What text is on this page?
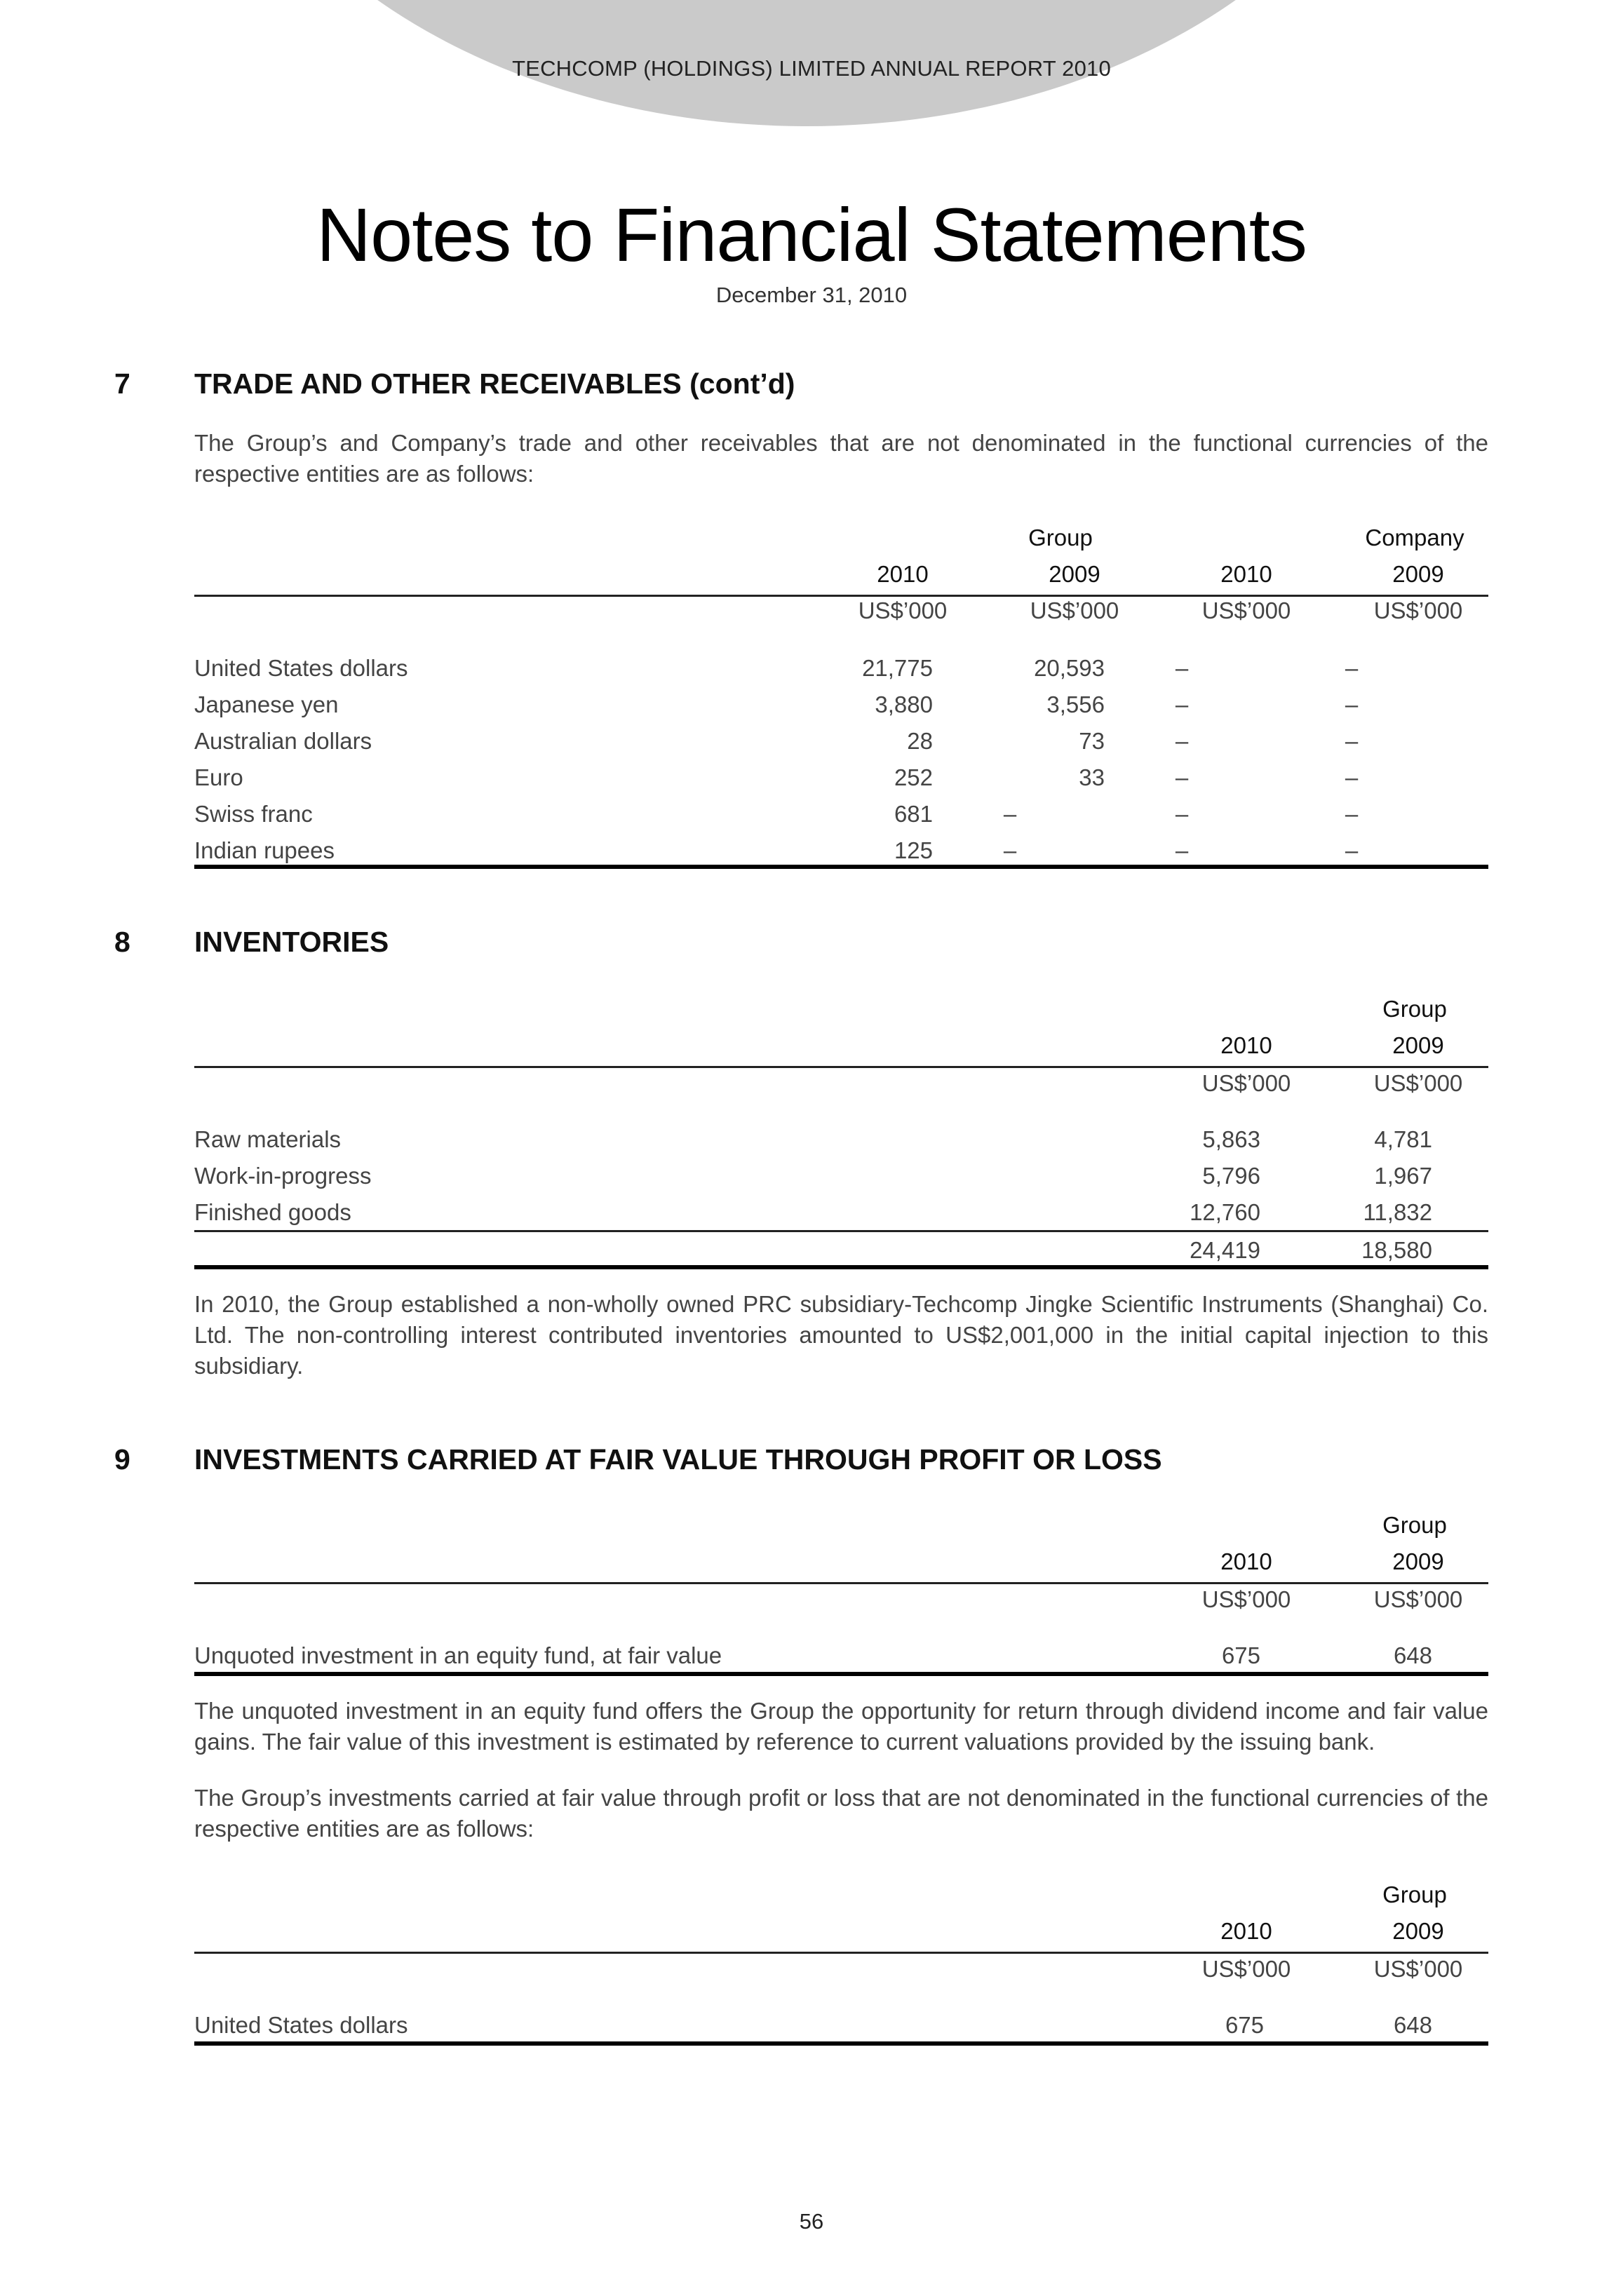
TECHCOMP (HOLDINGS) LIMITED ANNUAL REPORT 2010
Notes to Financial Statements
December 31, 2010
7 TRADE AND OTHER RECEIVABLES (cont’d)
The Group’s and Company’s trade and other receivables that are not denominated in the functional currencies of the respective entities are as follows:
Group	Company
2010	2009	2010	2009
US$’000	US$’000	US$’000	US$’000
United States dollars	21,775	20,593	–	–
Japanese yen	3,880	3,556	–	–
Australian dollars	28	73	–	–
Euro	252	33	–	–
Swiss franc	681	–	–	–
Indian rupees	125	–	–	–
8 INVENTORIES
Group
2010	2009
US$’000	US$’000
Raw materials	5,863	4,781
Work-in-progress	5,796	1,967
Finished goods	12,760	11,832
24,419	18,580
In 2010, the Group established a non-wholly owned PRC subsidiary-Techcomp Jingke Scientific Instruments (Shanghai) Co. Ltd. The non-controlling interest contributed inventories amounted to US$2,001,000 in the initial capital injection to this subsidiary.
9 INVESTMENTS CARRIED AT FAIR VALUE THROUGH PROFIT OR LOSS
Group
2010	2009
US$’000	US$’000
Unquoted investment in an equity fund, at fair value	675	648
The unquoted investment in an equity fund offers the Group the opportunity for return through dividend income and fair value gains. The fair value of this investment is estimated by reference to current valuations provided by the issuing bank.
The Group’s investments carried at fair value through profit or loss that are not denominated in the functional currencies of the respective entities are as follows:
Group
2010	2009
US$’000	US$’000
United States dollars	675	648
56
